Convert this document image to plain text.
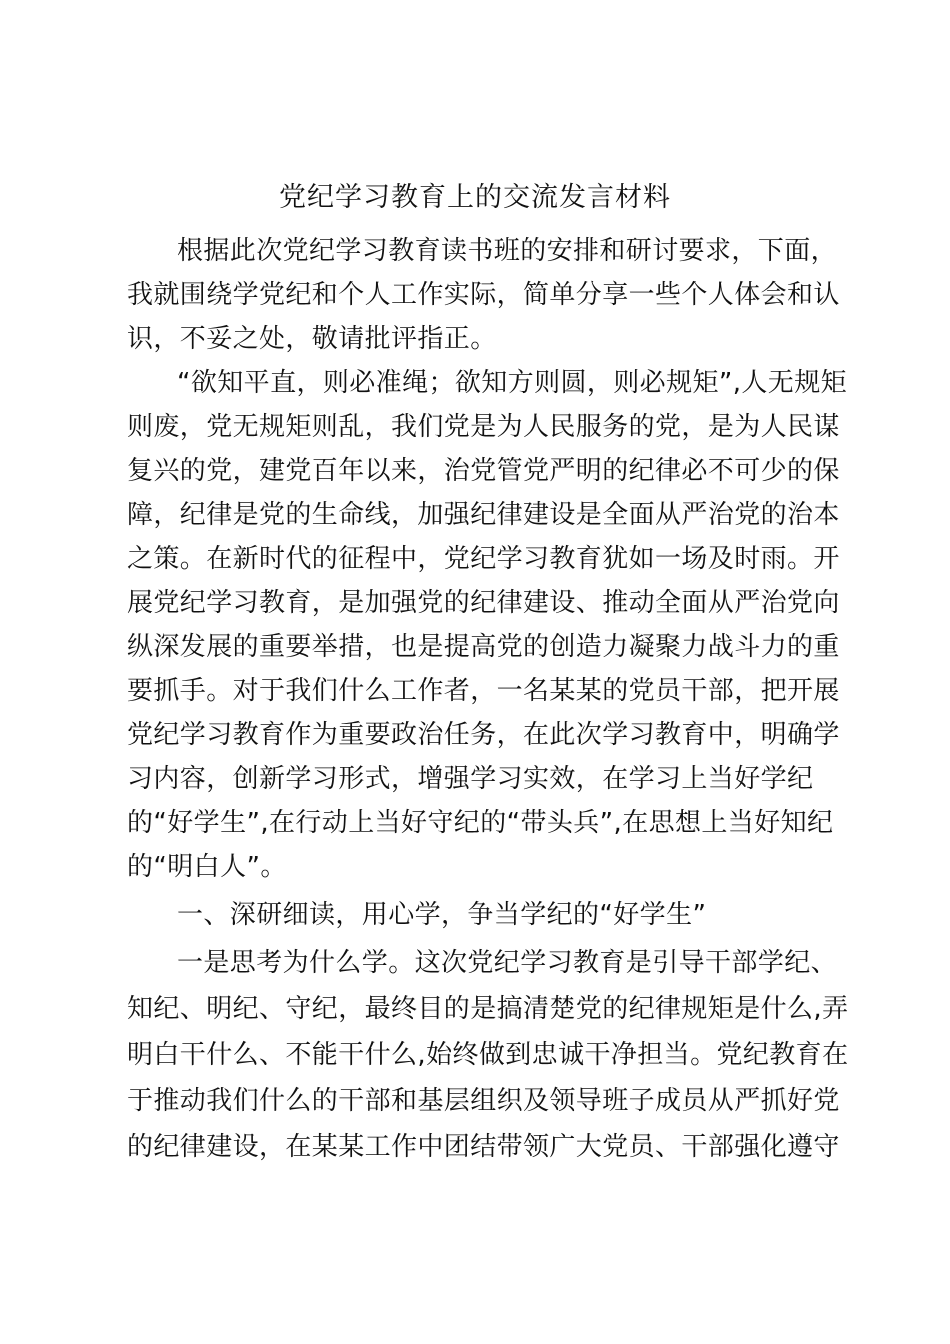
党纪学习教育上的交流发言材料
根据此次党纪学习教育读书班的安排和研讨要求，下面，
我就围绕学党纪和个人工作实际，简单分享一些个人体会和认
识，不妥之处，敬请批评指正。
“欲知平直，则必准绳；欲知方则圆，则必规矩”,人无规矩
则废，党无规矩则乱，我们党是为人民服务的党，是为人民谋
复兴的党，建党百年以来，治党管党严明的纪律必不可少的保
障，纪律是党的生命线，加强纪律建设是全面从严治党的治本
之策。在新时代的征程中，党纪学习教育犹如一场及时雨。开
展党纪学习教育，是加强党的纪律建设、推动全面从严治党向
纵深发展的重要举措，也是提高党的创造力凝聚力战斗力的重
要抓手。对于我们什么工作者，一名某某的党员干部，把开展
党纪学习教育作为重要政治任务，在此次学习教育中，明确学
习内容，创新学习形式，增强学习实效，在学习上当好学纪
的“好学生”,在行动上当好守纪的“带头兵”,在思想上当好知纪
的“明白人”。
一、深研细读，用心学，争当学纪的“好学生”
一是思考为什么学。这次党纪学习教育是引导干部学纪、
知纪、明纪、守纪，最终目的是搞清楚党的纪律规矩是什么,弄
明白干什么、不能干什么,始终做到忠诚干净担当。党纪教育在
于推动我们什么的干部和基层组织及领导班子成员从严抓好党
的纪律建设，在某某工作中团结带领广大党员、干部强化遵守
